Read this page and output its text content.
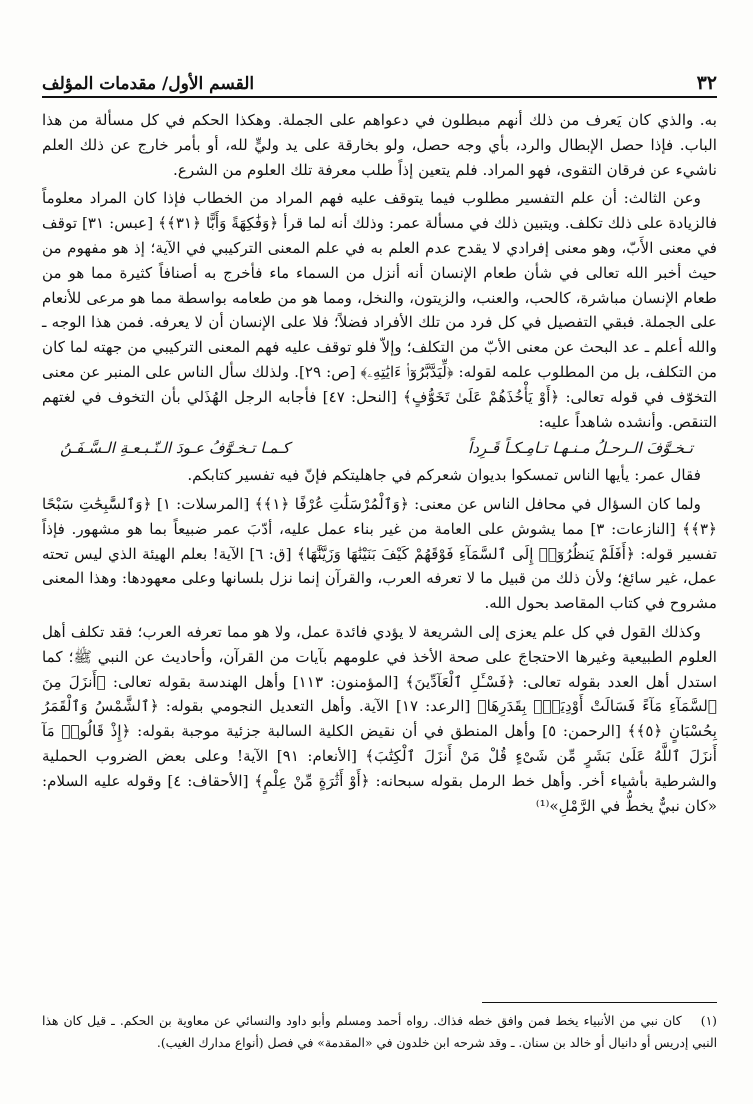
٣٢
القسم الأول/ مقدمات المؤلف

به. والذي كان يَعرف من ذلك أنهم مبطلون في دعواهم على الجملة. وهكذا الحكم في كل مسألة من هذا الباب. فإذا حصل الإبطال والرد، بأي وجه حصل، ولو بخارقة على يد وليٍّ لله، أو بأمر خارج عن ذلك العلم ناشيء عن فرقان التقوى، فهو المراد. فلم يتعين إذاً طلب معرفة تلك العلوم من الشرع.

وعن الثالث: أن علم التفسير مطلوب فيما يتوقف عليه فهم المراد من الخطاب فإذا كان المراد معلوماً فالزيادة على ذلك تكلف. ويتبين ذلك في مسألة عمر: وذلك أنه لما قرأ ﴿وَفَٰكِهَةً وَأَبًّا ﴿٣١﴾﴾ [عبس: ٣١] توقف في معنى الأَبّ، وهو معنى إفرادي لا يقدح عدم العلم به في علم المعنى التركيبي في الآية؛ إذ هو مفهوم من حيث أخبر الله تعالى في شأن طعام الإنسان أنه أنزل من السماء ماء فأخرج به أصنافاً كثيرة مما هو من طعام الإنسان مباشرة، كالحب، والعنب، والزيتون، والنخل، ومما هو من طعامه بواسطة مما هو مرعى للأنعام على الجملة. فبقي التفصيل في كل فرد من تلك الأفراد فضلاً؛ فلا على الإنسان أن لا يعرفه. فمن هذا الوجه ـ والله أعلم ـ عد البحث عن معنى الأبّ من التكلف؛ وإلاّ فلو توقف عليه فهم المعنى التركيبي من جهته لما كان من التكلف، بل من المطلوب علمه لقوله: ﴿لِّيَدَّبَّرُوٓا۟ ءَايَٰتِهِۦ﴾ [ص: ٢٩]. ولذلك سأل الناس على المنبر عن معنى التخوّف في قوله تعالى: ﴿أَوْ يَأْخُذَهُمْ عَلَىٰ تَخَوُّفٍ﴾ [النحل: ٤٧] فأجابه الرجل الهُذَلي بأن التخوف في لغتهم التنقص. وأنشده شاهداً عليه:

تـخـوَّفَ الـرحـلُ مـنـهـا تـامِـكـاً قَـرِداً
كـمـا تـخـوَّفُ عـودَ الـنّـبـعـةِ الـسَّـفَـنُ

فقال عمر: يأيها الناس تمسكوا بديوان شعركم في جاهليتكم فإنّ فيه تفسير كتابكم.

ولما كان السؤال في محافل الناس عن معنى: ﴿وَٱلْمُرْسَلَٰتِ عُرْفًا ﴿١﴾﴾ [المرسلات: ١] ﴿وَٱلسَّٰبِحَٰتِ سَبْحًا ﴿٣﴾﴾ [النازعات: ٣] مما يشوش على العامة من غير بناء عمل عليه، أدّبَ عمر ضبيعاً بما هو مشهور. فإذاً تفسير قوله: ﴿أَفَلَمْ يَنظُرُوٓا۟ إِلَى ٱلسَّمَآءِ فَوْقَهُمْ كَيْفَ بَنَيْنَٰهَا وَزَيَّنَّٰهَا﴾ [ق: ٦] الآية! بعلم الهيئة الذي ليس تحته عمل، غير سائغ؛ ولأن ذلك من قبيل ما لا تعرفه العرب، والقرآن إنما نزل بلسانها وعلى معهودها: وهذا المعنى مشروح في كتاب المقاصد بحول الله.

وكذلك القول في كل علم يعزى إلى الشريعة لا يؤدي فائدة عمل، ولا هو مما تعرفه العرب؛ فقد تكلف أهل العلوم الطبيعية وغيرها الاحتجاجَ على صحة الأخذ في علومهم بآيات من القرآن، وأحاديث عن النبي ﷺ؛ كما استدل أهل العدد بقوله تعالى: ﴿فَسْـَٔلِ ٱلْعَآدِّينَ﴾ [المؤمنون: ١١٣] وأهل الهندسة بقوله تعالى: ﴿أَنزَلَ مِنَ ٱلسَّمَآءِ مَآءً فَسَالَتْ أَوْدِيَةٌۢ بِقَدَرِهَا﴾ [الرعد: ١٧] الآية. وأهل التعديل النجومي بقوله: ﴿ٱلشَّمْسُ وَٱلْقَمَرُ بِحُسْبَانٍ ﴿٥﴾﴾ [الرحمن: ٥] وأهل المنطق في أن نقيض الكلية السالبة جزئية موجبة بقوله: ﴿إِذْ قَالُوا۟ مَآ أَنزَلَ ٱللَّهُ عَلَىٰ بَشَرٍ مِّن شَىْءٍ قُلْ مَنْ أَنزَلَ ٱلْكِتَٰبَ﴾ [الأنعام: ٩١] الآية! وعلى بعض الضروب الحملية والشرطية بأشياء أخر. وأهل خط الرمل بقوله سبحانه: ﴿أَوْ أَثَٰرَةٍ مِّنْ عِلْمٍ﴾ [الأحقاف: ٤] وقوله عليه السلام: «كان نبيٌّ يخطُّ في الرَّمْلِ»⁽¹⁾

(١) كان نبي من الأنبياء يخط فمن وافق خطه فذاك. رواه أحمد ومسلم وأبو داود والنسائي عن معاوية بن الحكم. ـ قيل كان هذا النبي إدريس أو دانيال أو خالد بن سنان. ـ وقد شرحه ابن خلدون في «المقدمة» في فصل (أنواع مدارك الغيب).
